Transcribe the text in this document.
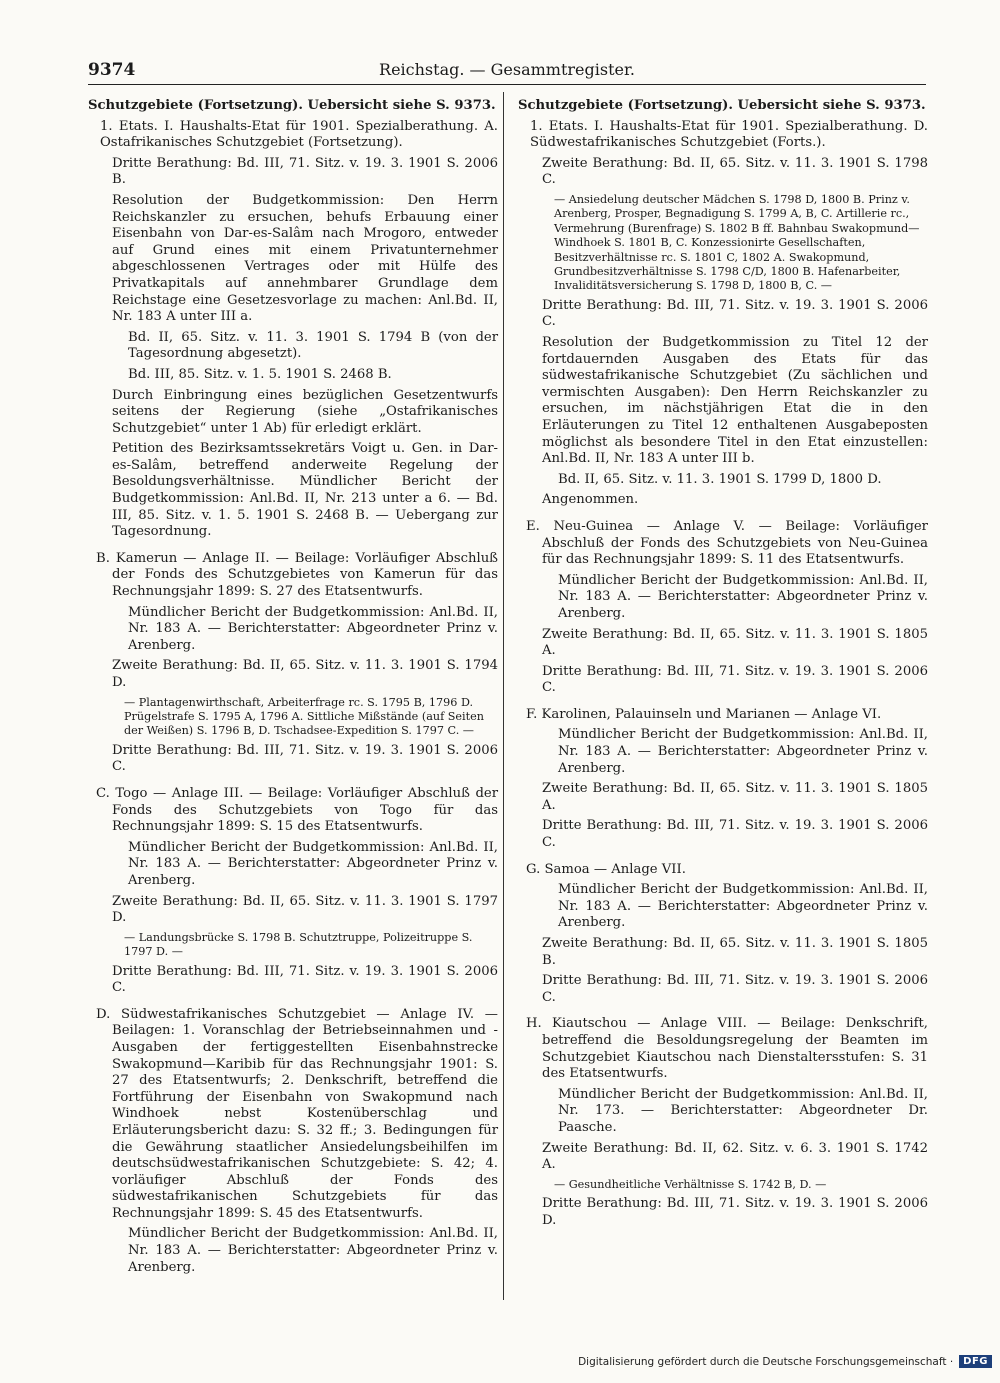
9374	Reichstag. — Gesammtregister.

Schutzgebiete (Fortsetzung). Uebersicht siehe S. 9373.

1. Etats. I. Haushalts-Etat für 1901. Spezialberathung. A. Ostafrikanisches Schutzgebiet (Fortsetzung).

Dritte Berathung: Bd. III, 71. Sitz. v. 19. 3. 1901 S. 2006 B.

Resolution der Budgetkommission: Den Herrn Reichskanzler zu ersuchen, behufs Erbauung einer Eisenbahn von Dar-es-Salâm nach Mrogoro, entweder auf Grund eines mit einem Privatunternehmer abgeschlossenen Vertrages oder mit Hülfe des Privatkapitals auf annehmbarer Grundlage dem Reichstage eine Gesetzesvorlage zu machen: Anl.Bd. II, Nr. 183 A unter III a.

Bd. II, 65. Sitz. v. 11. 3. 1901 S. 1794 B (von der Tagesordnung abgesetzt).

Bd. III, 85. Sitz. v. 1. 5. 1901 S. 2468 B.

Durch Einbringung eines bezüglichen Gesetzentwurfs seitens der Regierung (siehe „Ostafrikanisches Schutzgebiet“ unter 1 Ab) für erledigt erklärt.

Petition des Bezirksamtssekretärs Voigt u. Gen. in Dar-es-Salâm, betreffend anderweite Regelung der Besoldungsverhältnisse. Mündlicher Bericht der Budgetkommission: Anl.Bd. II, Nr. 213 unter a 6. — Bd. III, 85. Sitz. v. 1. 5. 1901 S. 2468 B. — Uebergang zur Tagesordnung.

B. Kamerun — Anlage II. — Beilage: Vorläufiger Abschluß der Fonds des Schutzgebietes von Kamerun für das Rechnungsjahr 1899: S. 27 des Etatsentwurfs.

Mündlicher Bericht der Budgetkommission: Anl.Bd. II, Nr. 183 A. — Berichterstatter: Abgeordneter Prinz v. Arenberg.

Zweite Berathung: Bd. II, 65. Sitz. v. 11. 3. 1901 S. 1794 D.

— Plantagenwirthschaft, Arbeiterfrage rc. S. 1795 B, 1796 D. Prügelstrafe S. 1795 A, 1796 A. Sittliche Mißstände (auf Seiten der Weißen) S. 1796 B, D. Tschadsee-Expedition S. 1797 C. —

Dritte Berathung: Bd. III, 71. Sitz. v. 19. 3. 1901 S. 2006 C.

C. Togo — Anlage III. — Beilage: Vorläufiger Abschluß der Fonds des Schutzgebiets von Togo für das Rechnungsjahr 1899: S. 15 des Etatsentwurfs.

Mündlicher Bericht der Budgetkommission: Anl.Bd. II, Nr. 183 A. — Berichterstatter: Abgeordneter Prinz v. Arenberg.

Zweite Berathung: Bd. II, 65. Sitz. v. 11. 3. 1901 S. 1797 D.

— Landungsbrücke S. 1798 B. Schutztruppe, Polizeitruppe S. 1797 D. —

Dritte Berathung: Bd. III, 71. Sitz. v. 19. 3. 1901 S. 2006 C.

D. Südwestafrikanisches Schutzgebiet — Anlage IV. — Beilagen: 1. Voranschlag der Betriebseinnahmen und -Ausgaben der fertiggestellten Eisenbahnstrecke Swakopmund—Karibib für das Rechnungsjahr 1901: S. 27 des Etatsentwurfs; 2. Denkschrift, betreffend die Fortführung der Eisenbahn von Swakopmund nach Windhoek nebst Kostenüberschlag und Erläuterungsbericht dazu: S. 32 ff.; 3. Bedingungen für die Gewährung staatlicher Ansiedelungsbeihilfen im deutschsüdwestafrikanischen Schutzgebiete: S. 42; 4. vorläufiger Abschluß der Fonds des südwestafrikanischen Schutzgebiets für das Rechnungsjahr 1899: S. 45 des Etatsentwurfs.

Mündlicher Bericht der Budgetkommission: Anl.Bd. II, Nr. 183 A. — Berichterstatter: Abgeordneter Prinz v. Arenberg.

Schutzgebiete (Fortsetzung). Uebersicht siehe S. 9373.

1. Etats. I. Haushalts-Etat für 1901. Spezialberathung. D. Südwestafrikanisches Schutzgebiet (Forts.).

Zweite Berathung: Bd. II, 65. Sitz. v. 11. 3. 1901 S. 1798 C.

— Ansiedelung deutscher Mädchen S. 1798 D, 1800 B. Prinz v. Arenberg, Prosper, Begnadigung S. 1799 A, B, C. Artillerie rc., Vermehrung (Burenfrage) S. 1802 B ff. Bahnbau Swakopmund—Windhoek S. 1801 B, C. Konzessionirte Gesellschaften, Besitzverhältnisse rc. S. 1801 C, 1802 A. Swakopmund, Grundbesitzverhältnisse S. 1798 C/D, 1800 B. Hafenarbeiter, Invaliditätsversicherung S. 1798 D, 1800 B, C. —

Dritte Berathung: Bd. III, 71. Sitz. v. 19. 3. 1901 S. 2006 C.

Resolution der Budgetkommission zu Titel 12 der fortdauernden Ausgaben des Etats für das südwestafrikanische Schutzgebiet (Zu sächlichen und vermischten Ausgaben): Den Herrn Reichskanzler zu ersuchen, im nächstjährigen Etat die in den Erläuterungen zu Titel 12 enthaltenen Ausgabeposten möglichst als besondere Titel in den Etat einzustellen: Anl.Bd. II, Nr. 183 A unter III b.

Bd. II, 65. Sitz. v. 11. 3. 1901 S. 1799 D, 1800 D.

Angenommen.

E. Neu-Guinea — Anlage V. — Beilage: Vorläufiger Abschluß der Fonds des Schutzgebiets von Neu-Guinea für das Rechnungsjahr 1899: S. 11 des Etatsentwurfs.

Mündlicher Bericht der Budgetkommission: Anl.Bd. II, Nr. 183 A. — Berichterstatter: Abgeordneter Prinz v. Arenberg.

Zweite Berathung: Bd. II, 65. Sitz. v. 11. 3. 1901 S. 1805 A.

Dritte Berathung: Bd. III, 71. Sitz. v. 19. 3. 1901 S. 2006 C.

F. Karolinen, Palauinseln und Marianen — Anlage VI.

Mündlicher Bericht der Budgetkommission: Anl.Bd. II, Nr. 183 A. — Berichterstatter: Abgeordneter Prinz v. Arenberg.

Zweite Berathung: Bd. II, 65. Sitz. v. 11. 3. 1901 S. 1805 A.

Dritte Berathung: Bd. III, 71. Sitz. v. 19. 3. 1901 S. 2006 C.

G. Samoa — Anlage VII.

Mündlicher Bericht der Budgetkommission: Anl.Bd. II, Nr. 183 A. — Berichterstatter: Abgeordneter Prinz v. Arenberg.

Zweite Berathung: Bd. II, 65. Sitz. v. 11. 3. 1901 S. 1805 B.

Dritte Berathung: Bd. III, 71. Sitz. v. 19. 3. 1901 S. 2006 C.

H. Kiautschou — Anlage VIII. — Beilage: Denkschrift, betreffend die Besoldungsregelung der Beamten im Schutzgebiet Kiautschou nach Dienstaltersstufen: S. 31 des Etatsentwurfs.

Mündlicher Bericht der Budgetkommission: Anl.Bd. II, Nr. 173. — Berichterstatter: Abgeordneter Dr. Paasche.

Zweite Berathung: Bd. II, 62. Sitz. v. 6. 3. 1901 S. 1742 A.

— Gesundheitliche Verhältnisse S. 1742 B, D. —

Dritte Berathung: Bd. III, 71. Sitz. v. 19. 3. 1901 S. 2006 D.

Digitalisierung gefördert durch die Deutsche Forschungsgemeinschaft ·	DFG
